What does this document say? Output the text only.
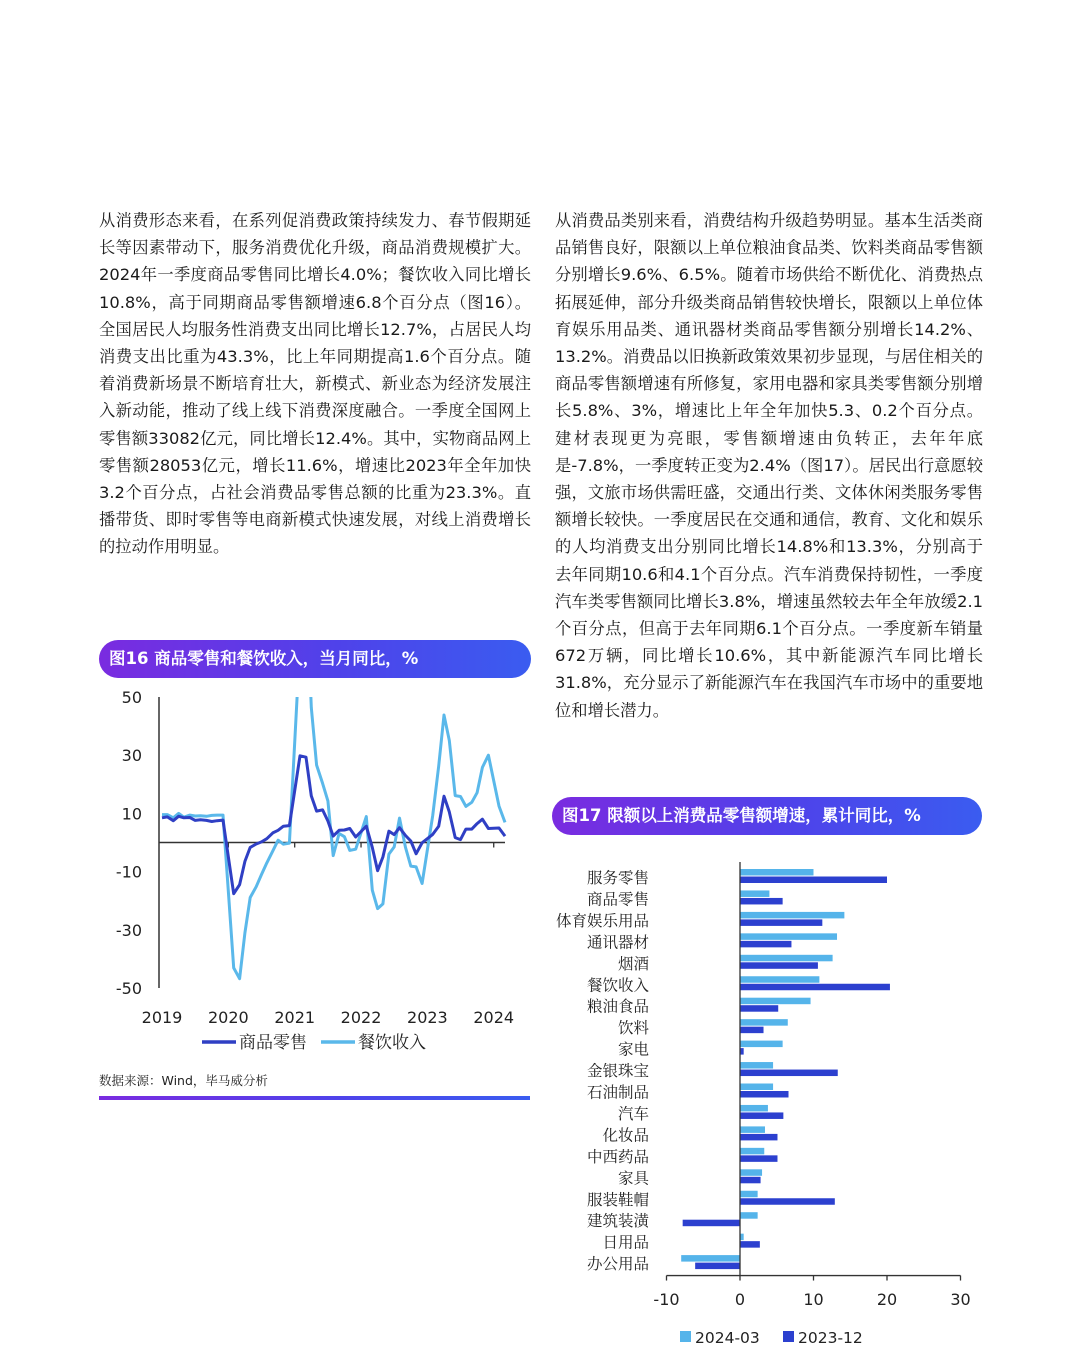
从消费形态来看，在系列促消费政策持续发力、春节假期延长等因素带动下，服务消费优化升级，商品消费规模扩大。2024年一季度商品零售同比增长4.0%；餐饮收入同比增长10.8%，高于同期商品零售额增速6.8个百分点（图16）。全国居民人均服务性消费支出同比增长12.7%，占居民人均消费支出比重为43.3%，比上年同期提高1.6个百分点。随着消费新场景不断培育壮大，新模式、新业态为经济发展注入新动能，推动了线上线下消费深度融合。一季度全国网上零售额33082亿元，同比增长12.4%。其中，实物商品网上零售额28053亿元，增长11.6%，增速比2023年全年加快3.2个百分点，占社会消费品零售总额的比重为23.3%。直播带货、即时零售等电商新模式快速发展，对线上消费增长的拉动作用明显。
从消费品类别来看，消费结构升级趋势明显。基本生活类商品销售良好，限额以上单位粮油食品类、饮料类商品零售额分别增长9.6%、6.5%。随着市场供给不断优化、消费热点拓展延伸，部分升级类商品销售较快增长，限额以上单位体育娱乐用品类、通讯器材类商品零售额分别增长14.2%、13.2%。消费品以旧换新政策效果初步显现，与居住相关的商品零售额增速有所修复，家用电器和家具类零售额分别增长5.8%、3%，增速比上年全年加快5.3、0.2个百分点。建材表现更为亮眼，零售额增速由负转正，去年年底是-7.8%，一季度转正变为2.4%（图17）。居民出行意愿较强，文旅市场供需旺盛，交通出行类、文体休闲类服务零售额增长较快。一季度居民在交通和通信，教育、文化和娱乐的人均消费支出分别同比增长14.8%和13.3%，分别高于去年同期10.6和4.1个百分点。汽车消费保持韧性，一季度汽车类零售额同比增长3.8%，增速虽然较去年全年放缓2.1个百分点，但高于去年同期6.1个百分点。一季度新车销量672万辆，同比增长10.6%，其中新能源汽车同比增长31.8%，充分显示了新能源汽车在我国汽车市场中的重要地位和增长潜力。
图16 商品零售和餐饮收入，当月同比，%
图17 限额以上消费品零售额增速，累计同比，%
50
30
10
-10
-30
-50
2019 2020 2021 2022 2023 2024
商品零售	餐饮收入
服务零售
商品零售
体育娱乐用品
通讯器材
烟酒
餐饮收入
粮油食品
饮料
家电
金银珠宝
石油制品
汽车
化妆品
中西药品
家具
服装鞋帽
建筑装潢
日用品
办公用品
-10	0	10	20	30
2024-03 2023-12
数据来源：Wind，毕马威分析
